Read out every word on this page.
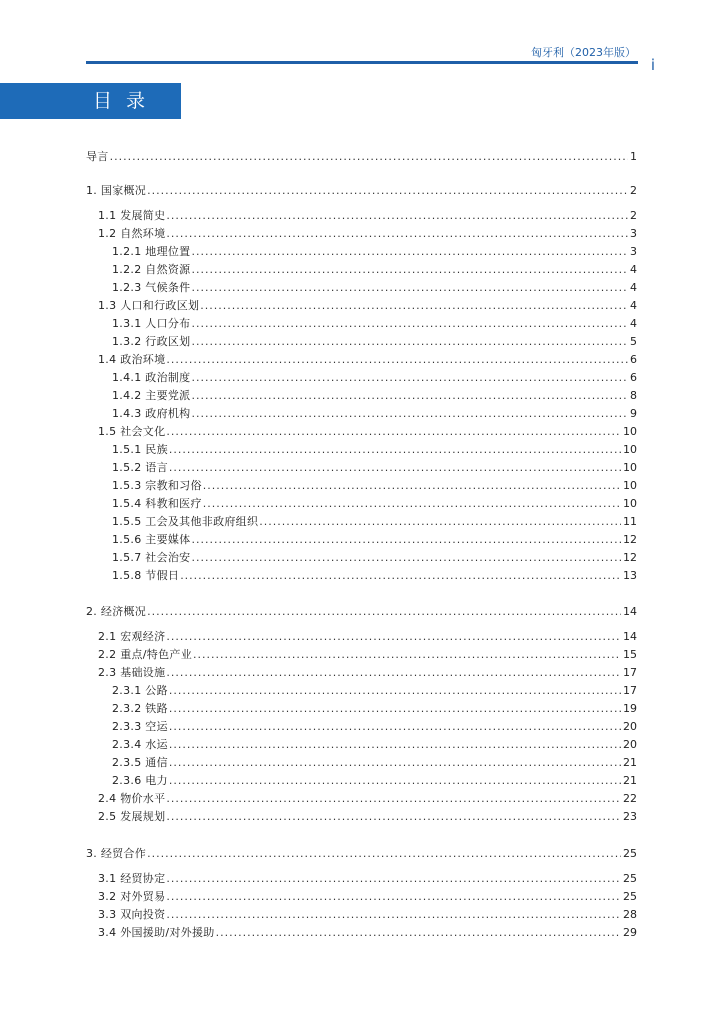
匈牙利（2023年版）
i
目录
导言 .....	1
1. 国家概况 .....	2
1.1 发展简史 .....	2
1.2 自然环境 .....	3
1.2.1 地理位置 .....	3
1.2.2 自然资源 .....	4
1.2.3 气候条件 .....	4
1.3 人口和行政区划 .....	4
1.3.1 人口分布 .....	4
1.3.2 行政区划 .....	5
1.4 政治环境 .....	6
1.4.1 政治制度 .....	6
1.4.2 主要党派 .....	8
1.4.3 政府机构 .....	9
1.5 社会文化 .....	10
1.5.1 民族 .....	10
1.5.2 语言 .....	10
1.5.3 宗教和习俗 .....	10
1.5.4 科教和医疗 .....	10
1.5.5 工会及其他非政府组织 .....	11
1.5.6 主要媒体 .....	12
1.5.7 社会治安 .....	12
1.5.8 节假日 .....	13
2. 经济概况 .....	14
2.1 宏观经济 .....	14
2.2 重点/特色产业 .....	15
2.3 基础设施 .....	17
2.3.1 公路 .....	17
2.3.2 铁路 .....	19
2.3.3 空运 .....	20
2.3.4 水运 .....	20
2.3.5 通信 .....	21
2.3.6 电力 .....	21
2.4 物价水平 .....	22
2.5 发展规划 .....	23
3. 经贸合作 .....	25
3.1 经贸协定 .....	25
3.2 对外贸易 .....	25
3.3 双向投资 .....	28
3.4 外国援助/对外援助 .....	29
